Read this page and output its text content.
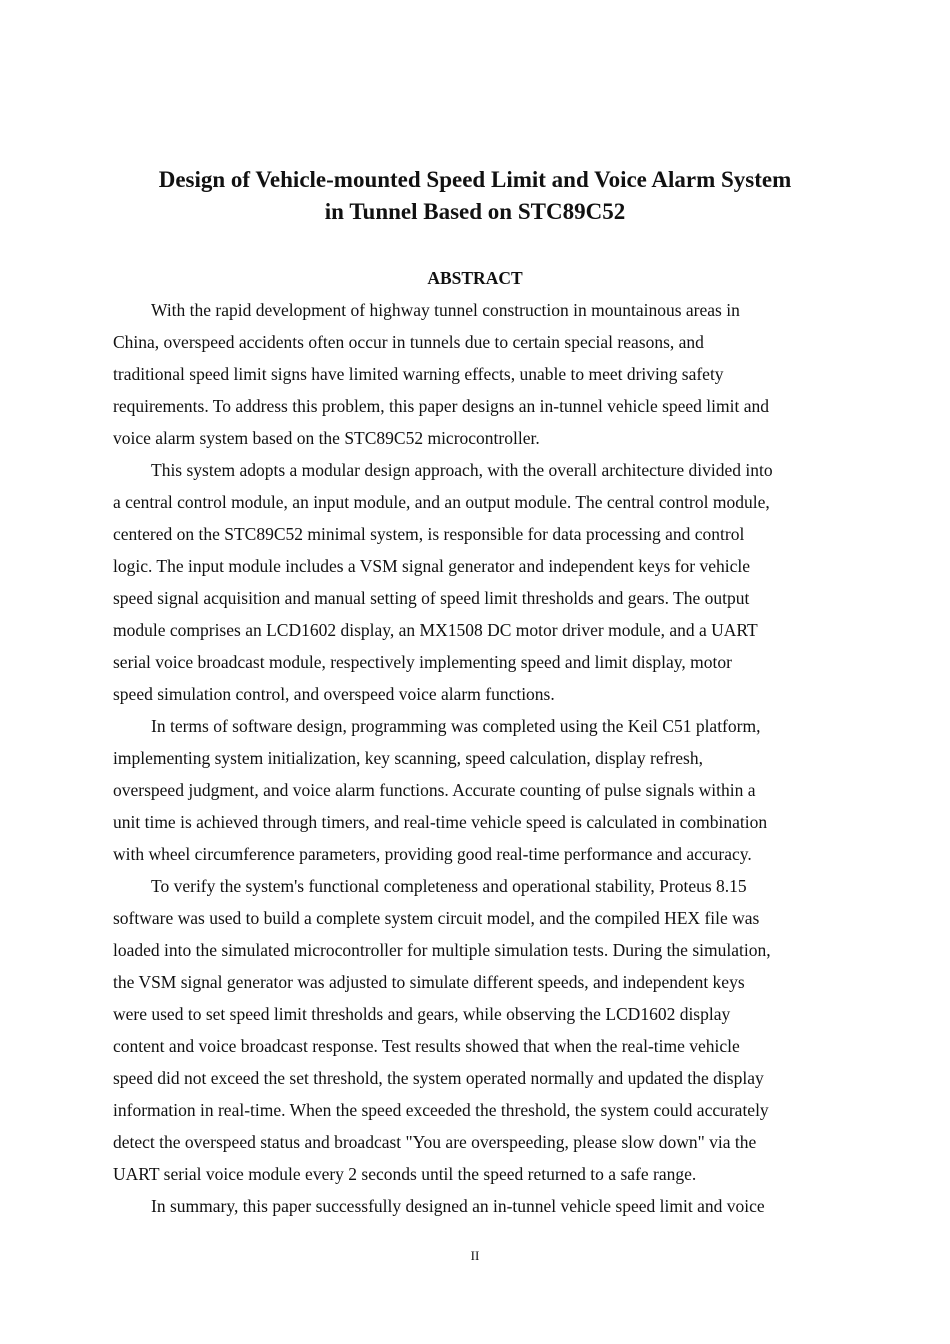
Design of Vehicle-mounted Speed Limit and Voice Alarm System
in Tunnel Based on STC89C52
ABSTRACT

With the rapid development of highway tunnel construction in mountainous areas in
China, overspeed accidents often occur in tunnels due to certain special reasons, and
traditional speed limit signs have limited warning effects, unable to meet driving safety
requirements. To address this problem, this paper designs an in-tunnel vehicle speed limit and
voice alarm system based on the STC89C52 microcontroller.

This system adopts a modular design approach, with the overall architecture divided into
a central control module, an input module, and an output module. The central control module,
centered on the STC89C52 minimal system, is responsible for data processing and control
logic. The input module includes a VSM signal generator and independent keys for vehicle
speed signal acquisition and manual setting of speed limit thresholds and gears. The output
module comprises an LCD1602 display, an MX1508 DC motor driver module, and a UART
serial voice broadcast module, respectively implementing speed and limit display, motor
speed simulation control, and overspeed voice alarm functions.

In terms of software design, programming was completed using the Keil C51 platform,
implementing system initialization, key scanning, speed calculation, display refresh,
overspeed judgment, and voice alarm functions. Accurate counting of pulse signals within a
unit time is achieved through timers, and real-time vehicle speed is calculated in combination
with wheel circumference parameters, providing good real-time performance and accuracy.

To verify the system's functional completeness and operational stability, Proteus 8.15
software was used to build a complete system circuit model, and the compiled HEX file was
loaded into the simulated microcontroller for multiple simulation tests. During the simulation,
the VSM signal generator was adjusted to simulate different speeds, and independent keys
were used to set speed limit thresholds and gears, while observing the LCD1602 display
content and voice broadcast response. Test results showed that when the real-time vehicle
speed did not exceed the set threshold, the system operated normally and updated the display
information in real-time. When the speed exceeded the threshold, the system could accurately
detect the overspeed status and broadcast "You are overspeeding, please slow down" via the
UART serial voice module every 2 seconds until the speed returned to a safe range.

In summary, this paper successfully designed an in-tunnel vehicle speed limit and voice

II
